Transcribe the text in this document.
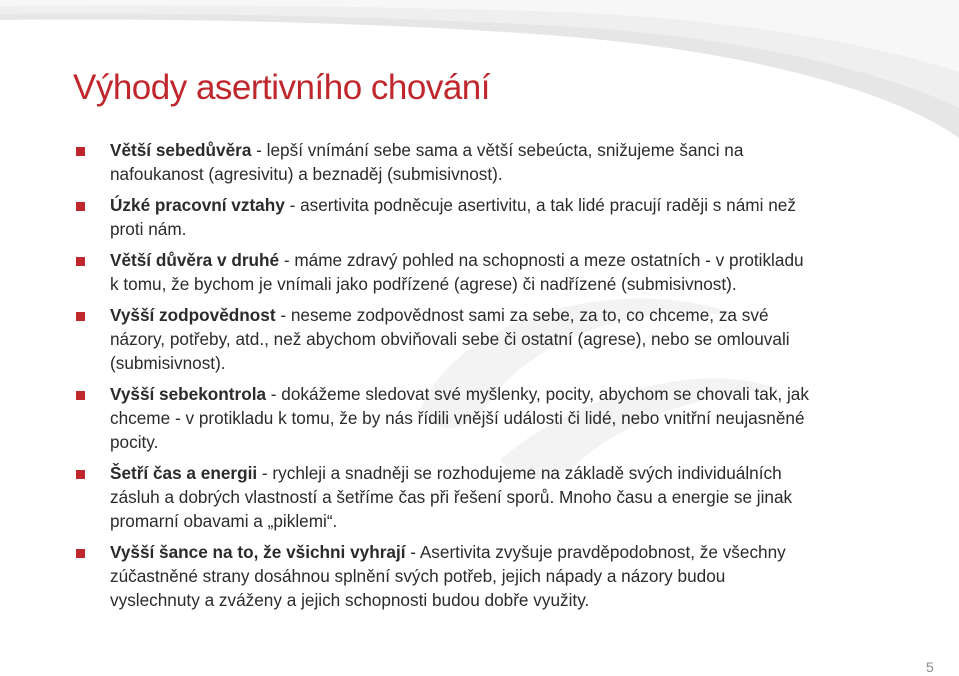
Výhody asertivního chování
Větší sebedůvěra - lepší vnímání sebe sama a větší sebeúcta, snižujeme šanci na nafoukanost (agresivitu) a beznaděj (submisivnost).
Úzké pracovní vztahy - asertivita podněcuje asertivitu, a tak lidé pracují raději s námi než proti nám.
Větší důvěra v druhé - máme zdravý pohled na schopnosti a meze ostatních - v protikladu k tomu, že bychom je vnímali jako podřízené (agrese) či nadřízené (submisivnost).
Vyšší zodpovědnost - neseme zodpovědnost sami za sebe, za to, co chceme, za své názory, potřeby, atd., než abychom obviňovali sebe či ostatní (agrese), nebo se omlouvali (submisivnost).
Vyšší sebekontrola - dokážeme sledovat své myšlenky, pocity, abychom se chovali tak, jak chceme - v protikladu k tomu, že by nás řídili vnější události či lidé, nebo vnitřní neujasněné pocity.
Šetří čas a energii - rychleji a snadněji se rozhodujeme na základě svých individuálních zásluh a dobrých vlastností a šetříme čas při řešení sporů. Mnoho času a energie se jinak promarní obavami a „piklemi“.
Vyšší šance na to, že všichni vyhrají - Asertivita zvyšuje pravděpodobnost, že všechny zúčastněné strany dosáhnou splnění svých potřeb, jejich nápady a názory budou vyslechnuty a zváženy a jejich schopnosti budou dobře využity.
5
